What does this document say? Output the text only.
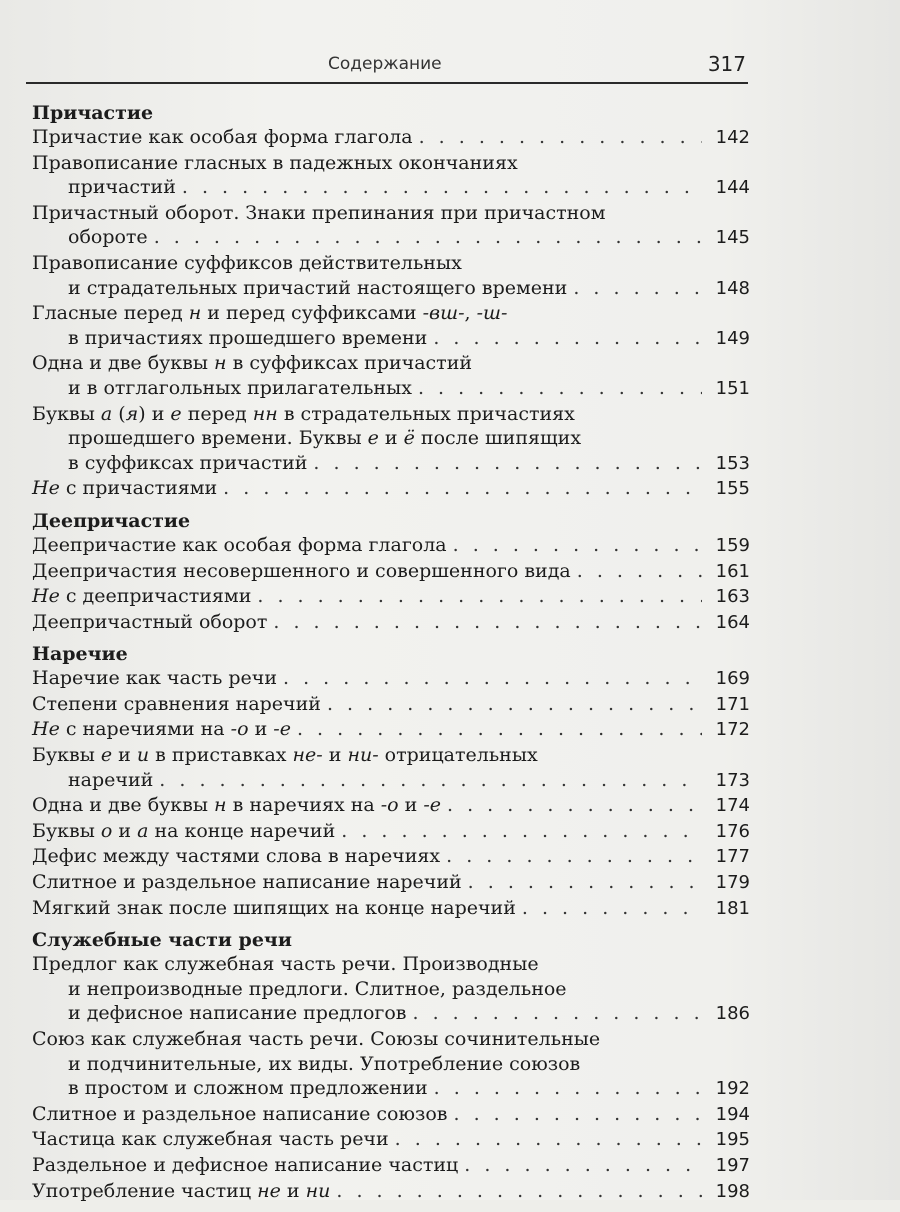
Содержание	317
Причастие
Причастие как особая форма глагола . . .	142
Правописание гласных в падежных окончаниях
причастий . . .	144
Причастный оборот. Знаки препинания при причастном
обороте . . .	145
Правописание суффиксов действительных
и страдательных причастий настоящего времени . . .	148
Гласные перед н и перед суффиксами -вш-, -ш-
в причастиях прошедшего времени . . .	149
Одна и две буквы н в суффиксах причастий
и в отглагольных прилагательных . . .	151
Буквы а (я) и е перед нн в страдательных причастиях
прошедшего времени. Буквы е и ё после шипящих
в суффиксах причастий . . .	153
Не с причастиями . . .	155
Деепричастие
Деепричастие как особая форма глагола . . .	159
Деепричастия несовершенного и совершенного вида . . .	161
Не с деепричастиями . . .	163
Деепричастный оборот . . .	164
Наречие
Наречие как часть речи . . .	169
Степени сравнения наречий . . .	171
Не с наречиями на -о и -е . . .	172
Буквы е и и в приставках не- и ни- отрицательных
наречий . . .	173
Одна и две буквы н в наречиях на -о и -е . . .	174
Буквы о и а на конце наречий . . .	176
Дефис между частями слова в наречиях . . .	177
Слитное и раздельное написание наречий . . .	179
Мягкий знак после шипящих на конце наречий . . .	181
Служебные части речи
Предлог как служебная часть речи. Производные
и непроизводные предлоги. Слитное, раздельное
и дефисное написание предлогов . . .	186
Союз как служебная часть речи. Союзы сочинительные
и подчинительные, их виды. Употребление союзов
в простом и сложном предложении . . .	192
Слитное и раздельное написание союзов . . .	194
Частица как служебная часть речи . . .	195
Раздельное и дефисное написание частиц . . .	197
Употребление частиц не и ни . . .	198
